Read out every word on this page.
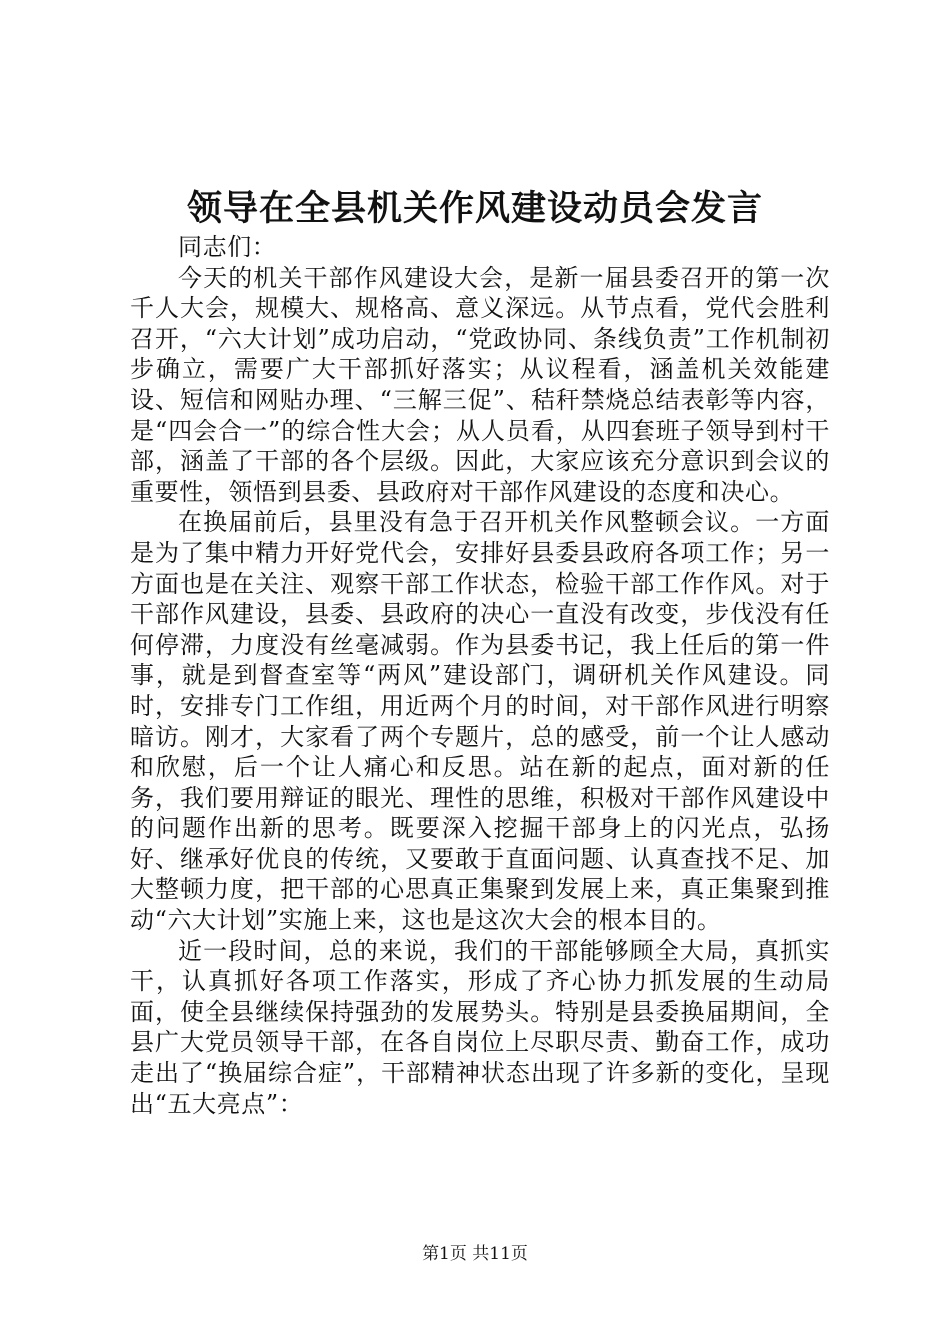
领导在全县机关作风建设动员会发言

同志们：

今天的机关干部作风建设大会，是新一届县委召开的第一次千人大会，规模大、规格高、意义深远。从节点看，党代会胜利召开，“六大计划”成功启动，“党政协同、条线负责”工作机制初步确立，需要广大干部抓好落实；从议程看，涵盖机关效能建设、短信和网贴办理、“三解三促”、秸秆禁烧总结表彰等内容，是“四会合一”的综合性大会；从人员看，从四套班子领导到村干部，涵盖了干部的各个层级。因此，大家应该充分意识到会议的重要性，领悟到县委、县政府对干部作风建设的态度和决心。

在换届前后，县里没有急于召开机关作风整顿会议。一方面是为了集中精力开好党代会，安排好县委县政府各项工作；另一方面也是在关注、观察干部工作状态，检验干部工作作风。对于干部作风建设，县委、县政府的决心一直没有改变，步伐没有任何停滞，力度没有丝毫减弱。作为县委书记，我上任后的第一件事，就是到督查室等“两风”建设部门，调研机关作风建设。同时，安排专门工作组，用近两个月的时间，对干部作风进行明察暗访。刚才，大家看了两个专题片，总的感受，前一个让人感动和欣慰，后一个让人痛心和反思。站在新的起点，面对新的任务，我们要用辩证的眼光、理性的思维，积极对干部作风建设中的问题作出新的思考。既要深入挖掘干部身上的闪光点，弘扬好、继承好优良的传统，又要敢于直面问题、认真查找不足、加大整顿力度，把干部的心思真正集聚到发展上来，真正集聚到推动“六大计划”实施上来，这也是这次大会的根本目的。

近一段时间，总的来说，我们的干部能够顾全大局，真抓实干，认真抓好各项工作落实，形成了齐心协力抓发展的生动局面，使全县继续保持强劲的发展势头。特别是县委换届期间，全县广大党员领导干部，在各自岗位上尽职尽责、勤奋工作，成功走出了“换届综合症”，干部精神状态出现了许多新的变化，呈现出“五大亮点”：

第1页 共11页
